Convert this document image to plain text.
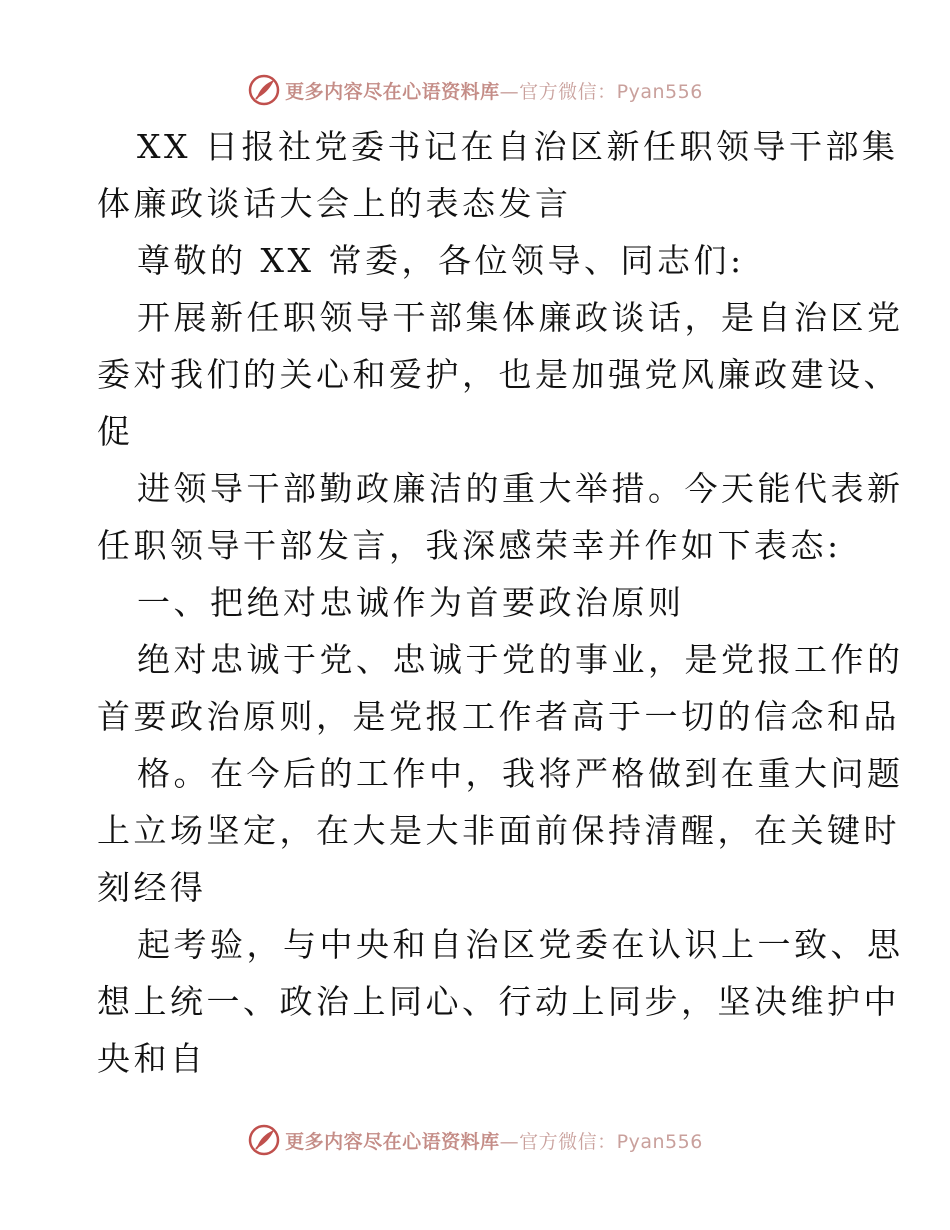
更多内容尽在心语资料库—官方微信：Pyan556
XX 日报社党委书记在自治区新任职领导干部集
体廉政谈话大会上的表态发言
尊敬的 XX 常委，各位领导、同志们:
开展新任职领导干部集体廉政谈话，是自治区党
委对我们的关心和爱护，也是加强党风廉政建设、
促
进领导干部勤政廉洁的重大举措。今天能代表新
任职领导干部发言，我深感荣幸并作如下表态:
一、把绝对忠诚作为首要政治原则
绝对忠诚于党、忠诚于党的事业，是党报工作的
首要政治原则，是党报工作者高于一切的信念和品
格。在今后的工作中，我将严格做到在重大问题
上立场坚定，在大是大非面前保持清醒，在关键时
刻经得
起考验，与中央和自治区党委在认识上一致、思
想上统一、政治上同心、行动上同步，坚决维护中
央和自
更多内容尽在心语资料库—官方微信：Pyan556
